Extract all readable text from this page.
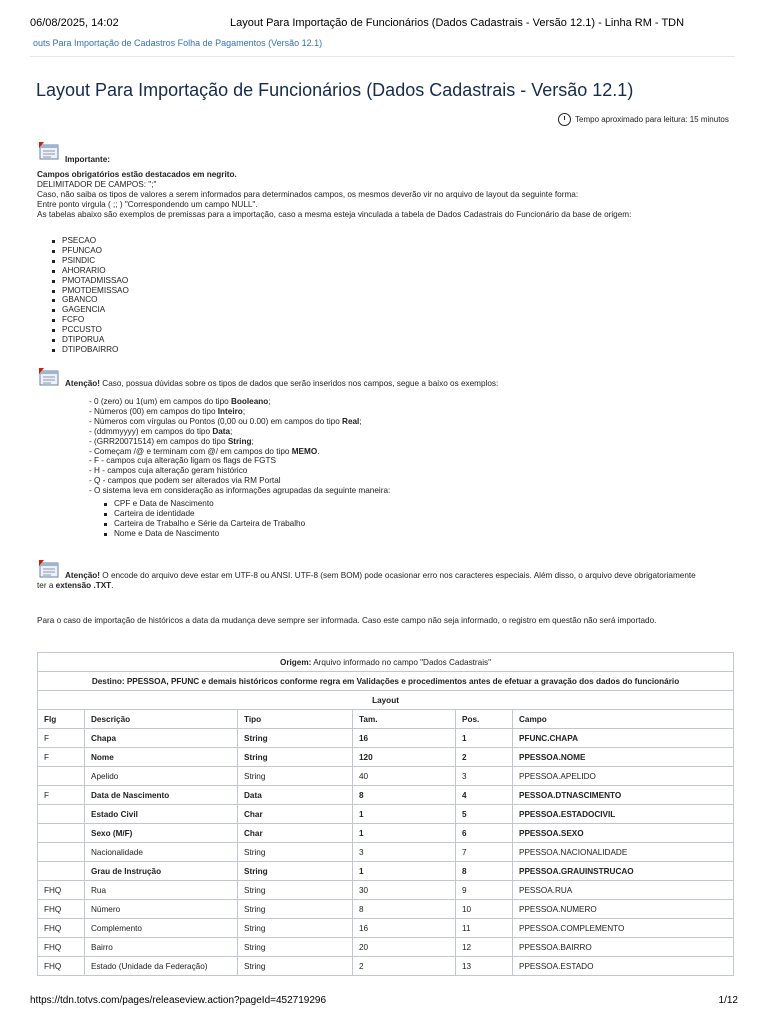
06/08/2025, 14:02	Layout Para Importação de Funcionários (Dados Cadastrais - Versão 12.1) - Linha RM - TDN
outs Para Importação de Cadastros Folha de Pagamentos (Versão 12.1)
Layout Para Importação de Funcionários (Dados Cadastrais - Versão 12.1)
Tempo aproximado para leitura: 15 minutos
Importante:
Campos obrigatórios estão destacados em negrito.
DELIMITADOR DE CAMPOS: ";"
Caso, não saiba os tipos de valores a serem informados para determinados campos, os mesmos deverão vir no arquivo de layout da seguinte forma:
Entre ponto virgula ( ;; ) "Correspondendo um campo NULL".
As tabelas abaixo são exemplos de premissas para a importação, caso a mesma esteja vinculada a tabela de Dados Cadastrais do Funcionário da base de origem:
PSECAO
PFUNCAO
PSINDIC
AHORARIO
PMOTADMISSAO
PMOTDEMISSAO
GBANCO
GAGENCIA
FCFO
PCCUSTO
DTIPORUA
DTIPOBAIRRO
Atenção! Caso, possua dúvidas sobre os tipos de dados que serão inseridos nos campos, segue a baixo os exemplos:
- 0 (zero) ou 1(um) em campos do tipo Booleano;
- Números (00) em campos do tipo Inteiro;
- Números com vírgulas ou Pontos (0,00 ou 0.00) em campos do tipo Real;
- (ddmmyyyy) em campos do tipo Data;
- (GRR20071514) em campos do tipo String;
- Começam /@ e terminam com @/ em campos do tipo MEMO.
- F - campos cuja alteração ligam os flags de FGTS
- H - campos cuja alteração geram histórico
- Q - campos que podem ser alterados via RM Portal
- O sistema leva em consideração as informações agrupadas da seguinte maneira:
CPF e Data de Nascimento
Carteira de identidade
Carteira de Trabalho e Série da Carteira de Trabalho
Nome e Data de Nascimento
Atenção! O encode do arquivo deve estar em UTF-8 ou ANSI. UTF-8 (sem BOM) pode ocasionar erro nos caracteres especiais. Além disso, o arquivo deve obrigatoriamente
ter a extensão .TXT.
Para o caso de importação de históricos a data da mudança deve sempre ser informada. Caso este campo não seja informado, o registro em questão não será importado.
Origem: Arquivo informado no campo "Dados Cadastrais"					
Destino: PPESSOA, PFUNC e demais históricos conforme regra em Validações e procedimentos antes de efetuar a gravação dos dados do funcionário					
Layout					
Flg	Descrição	Tipo	Tam.	Pos.	Campo
F	Chapa	String	16	1	PFUNC.CHAPA
F	Nome	String	120	2	PPESSOA.NOME
	Apelido	String	40	3	PPESSOA.APELIDO
F	Data de Nascimento	Data	8	4	PESSOA.DTNASCIMENTO
	Estado Civil	Char	1	5	PPESSOA.ESTADOCIVIL
	Sexo (M/F)	Char	1	6	PPESSOA.SEXO
	Nacionalidade	String	3	7	PPESSOA.NACIONALIDADE
	Grau de Instrução	String	1	8	PPESSOA.GRAUINSTRUCAO
FHQ	Rua	String	30	9	PESSOA.RUA
FHQ	Número	String	8	10	PPESSOA.NUMERO
FHQ	Complemento	String	16	11	PPESSOA.COMPLEMENTO
FHQ	Bairro	String	20	12	PPESSOA.BAIRRO
FHQ	Estado (Unidade da Federação)	String	2	13	PPESSOA.ESTADO
https://tdn.totvs.com/pages/releaseview.action?pageId=452719296	1/12
